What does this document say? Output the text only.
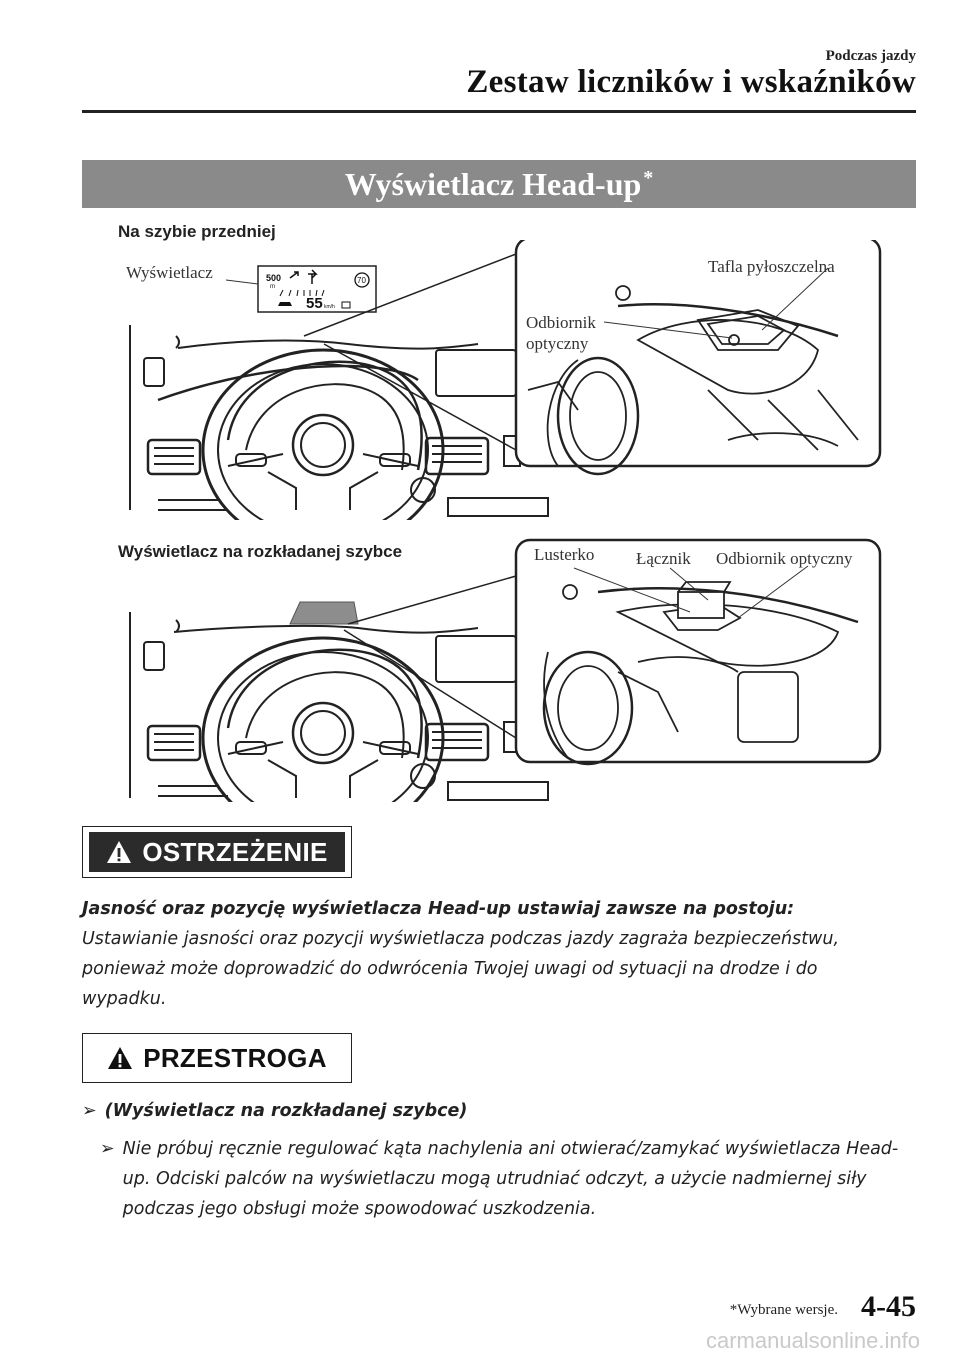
Podczas jazdy
Zestaw liczników i wskaźników
Wyświetlacz Head-up*
Na szybie przedniej
500
m
70
55 km/h
Wyświetlacz	Tafla pyłoszczelna
Odbiornik
optyczny
Wyświetlacz na rozkładanej szybce	Lusterko Łącznik Odbiornik optyczny
OSTRZEŻENIE
Jasność oraz pozycję wyświetlacza Head-up ustawiaj zawsze na postoju:
Ustawianie jasności oraz pozycji wyświetlacza podczas jazdy zagraża bezpieczeństwu, ponieważ może doprowadzić do odwrócenia Twojej uwagi od sytuacji na drodze i do wypadku.
PRZESTROGA
➢ (Wyświetlacz na rozkładanej szybce)
➢ Nie próbuj ręcznie regulować kąta nachylenia ani otwierać/zamykać wyświetlacza Head-up. Odciski palców na wyświetlaczu mogą utrudniać odczyt, a użycie nadmiernej siły podczas jego obsługi może spowodować uszkodzenia.
*Wybrane wersje. 4-45
carmanualsonline.info
